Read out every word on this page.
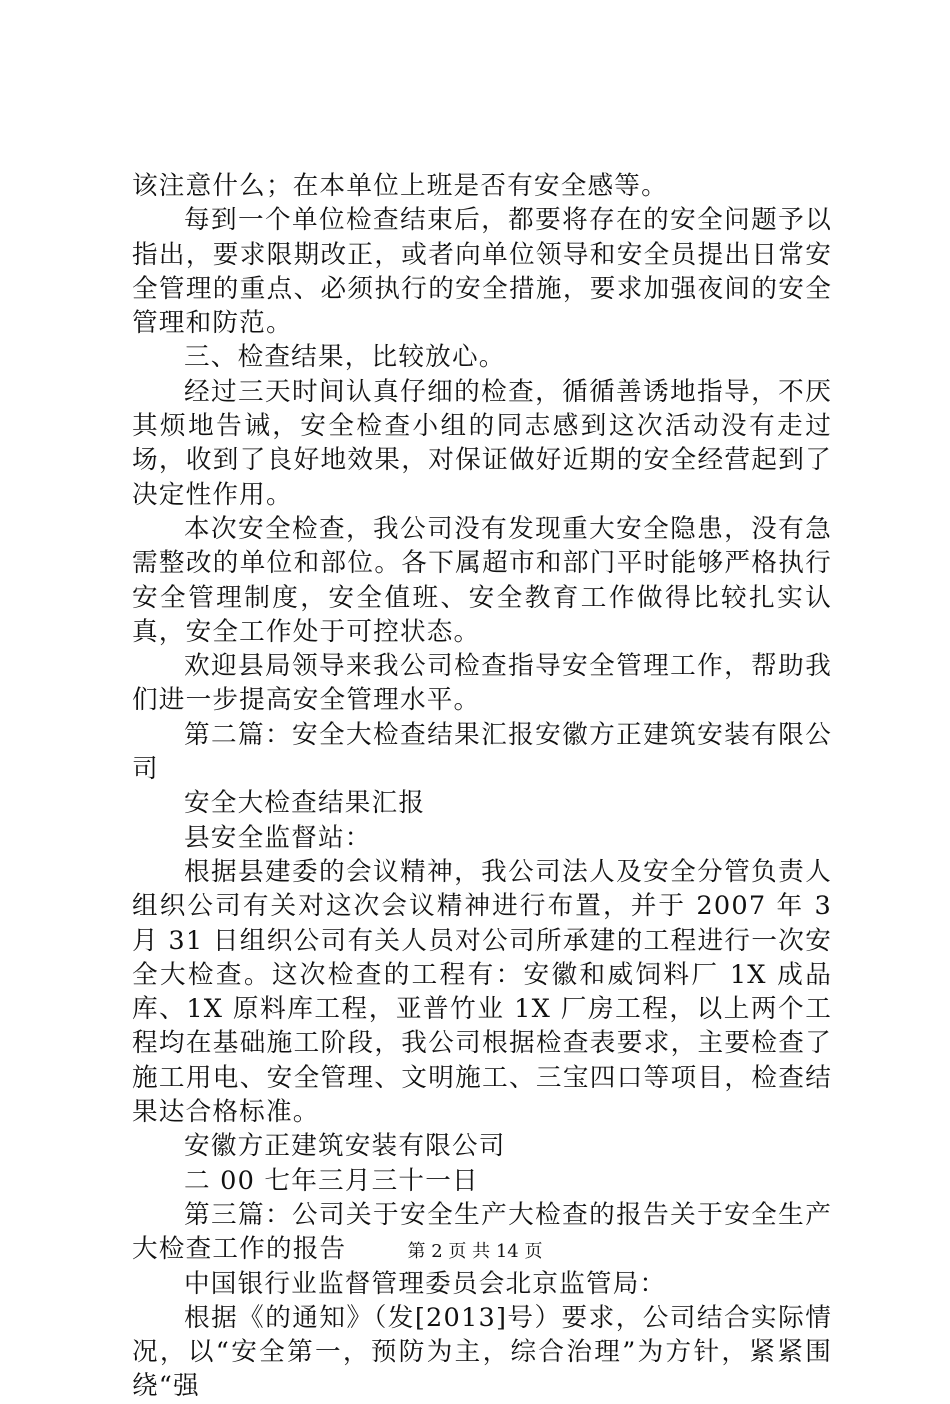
该注意什么；在本单位上班是否有安全感等。

每到一个单位检查结束后，都要将存在的安全问题予以指出，要求限期改正，或者向单位领导和安全员提出日常安全管理的重点、必须执行的安全措施，要求加强夜间的安全管理和防范。

三、检查结果，比较放心。

经过三天时间认真仔细的检查，循循善诱地指导，不厌其烦地告诫，安全检查小组的同志感到这次活动没有走过场，收到了良好地效果，对保证做好近期的安全经营起到了决定性作用。

本次安全检查，我公司没有发现重大安全隐患，没有急需整改的单位和部位。各下属超市和部门平时能够严格执行安全管理制度，安全值班、安全教育工作做得比较扎实认真，安全工作处于可控状态。

欢迎县局领导来我公司检查指导安全管理工作，帮助我们进一步提高安全管理水平。

第二篇：安全大检查结果汇报安徽方正建筑安装有限公司

安全大检查结果汇报

县安全监督站：

根据县建委的会议精神，我公司法人及安全分管负责人组织公司有关对这次会议精神进行布置，并于 2007 年 3 月 31 日组织公司有关人员对公司所承建的工程进行一次安全大检查。这次检查的工程有：安徽和威饲料厂 1X 成品库、1X 原料库工程，亚普竹业 1X 厂房工程，以上两个工程均在基础施工阶段，我公司根据检查表要求，主要检查了施工用电、安全管理、文明施工、三宝四口等项目，检查结果达合格标准。

安徽方正建筑安装有限公司

二 00 七年三月三十一日

第三篇：公司关于安全生产大检查的报告关于安全生产大检查工作的报告

中国银行业监督管理委员会北京监管局：

根据《的通知》（发[2013]号）要求，公司结合实际情况，以“安全第一，预防为主，综合治理”为方针，紧紧围绕“强

第 2 页 共 14 页
